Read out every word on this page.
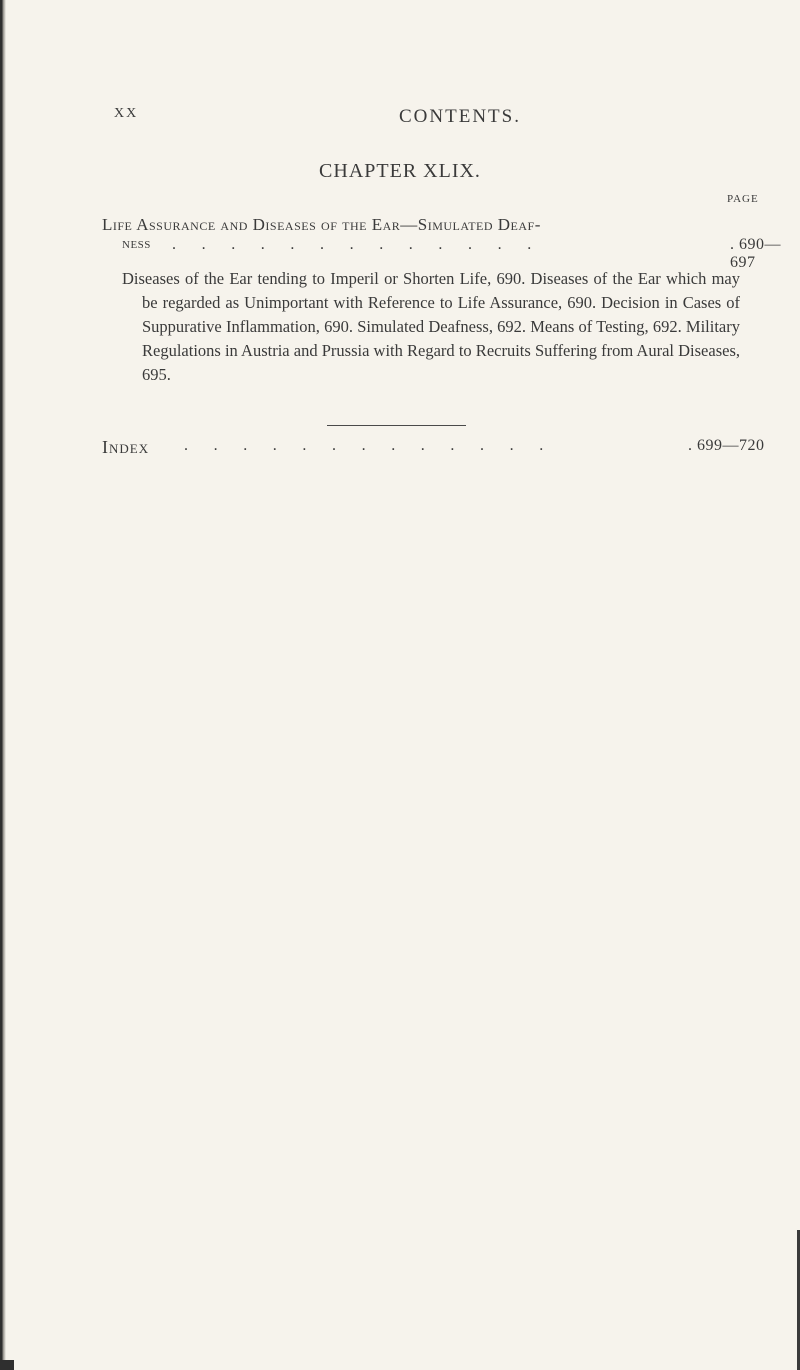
XX	CONTENTS.
CHAPTER XLIX.
PAGE
Life Assurance and Diseases of the Ear—Simulated Deaf-
ness . . . . . . . . . . . . .	. 690—697
Diseases of the Ear tending to Imperil or Shorten Life, 690. Diseases of the Ear which may be regarded as Unimportant with Reference to Life Assurance, 690. Decision in Cases of Suppurative Inflammation, 690. Simulated Deafness, 692. Means of Testing, 692. Military Regulations in Austria and Prussia with Regard to Recruits Suffering from Aural Diseases, 695.
Index . . . . . . . . . . . . .	. 699—720
